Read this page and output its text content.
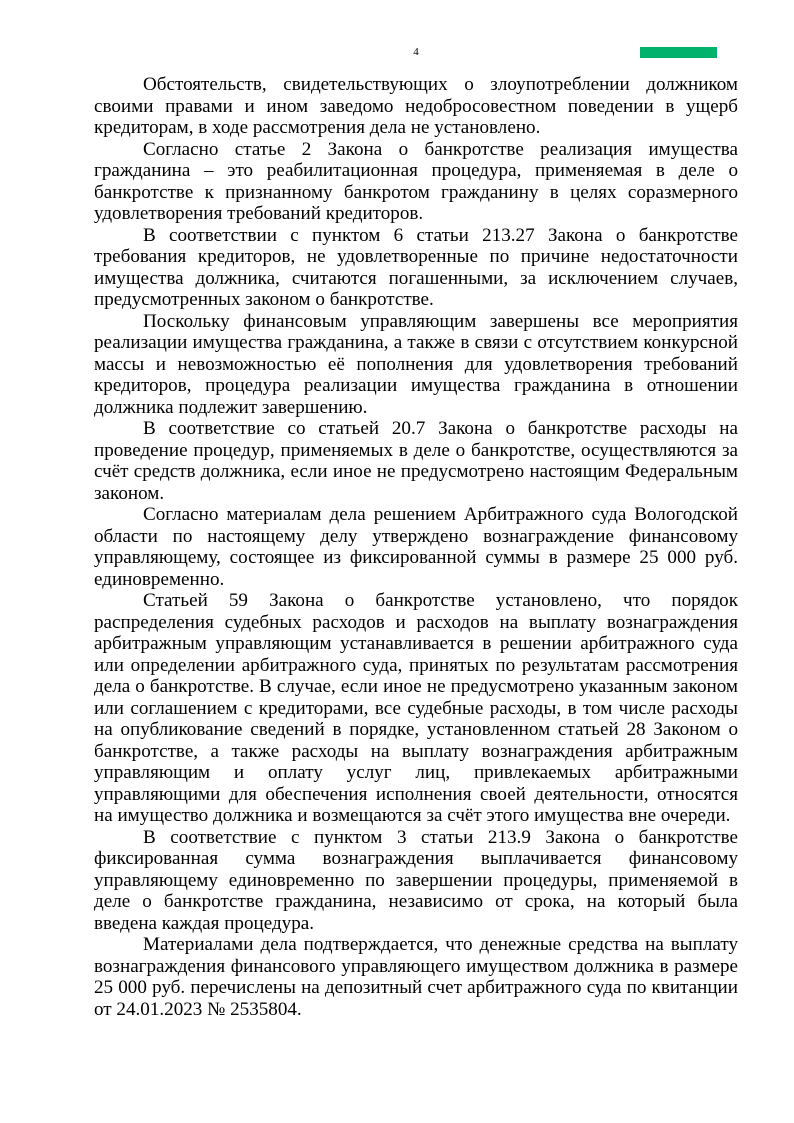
4

Обстоятельств, свидетельствующих о злоупотреблении должником своими правами и ином заведомо недобросовестном поведении в ущерб кредиторам, в ходе рассмотрения дела не установлено.

Согласно статье 2 Закона о банкротстве реализация имущества гражданина – это реабилитационная процедура, применяемая в деле о банкротстве к признанному банкротом гражданину в целях соразмерного удовлетворения требований кредиторов.

В соответствии с пунктом 6 статьи 213.27 Закона о банкротстве требования кредиторов, не удовлетворенные по причине недостаточности имущества должника, считаются погашенными, за исключением случаев, предусмотренных законом о банкротстве.

Поскольку финансовым управляющим завершены все мероприятия реализации имущества гражданина, а также в связи с отсутствием конкурсной массы и невозможностью её пополнения для удовлетворения требований кредиторов, процедура реализации имущества гражданина в отношении должника подлежит завершению.

В соответствие со статьей 20.7 Закона о банкротстве расходы на проведение процедур, применяемых в деле о банкротстве, осуществляются за счёт средств должника, если иное не предусмотрено настоящим Федеральным законом.

Согласно материалам дела решением Арбитражного суда Вологодской области по настоящему делу утверждено вознаграждение финансовому управляющему, состоящее из фиксированной суммы в размере 25 000 руб. единовременно.

Статьей 59 Закона о банкротстве установлено, что порядок распределения судебных расходов и расходов на выплату вознаграждения арбитражным управляющим устанавливается в решении арбитражного суда или определении арбитражного суда, принятых по результатам рассмотрения дела о банкротстве. В случае, если иное не предусмотрено указанным законом или соглашением с кредиторами, все судебные расходы, в том числе расходы на опубликование сведений в порядке, установленном статьей 28 Законом о банкротстве, а также расходы на выплату вознаграждения арбитражным управляющим и оплату услуг лиц, привлекаемых арбитражными управляющими для обеспечения исполнения своей деятельности, относятся на имущество должника и возмещаются за счёт этого имущества вне очереди.

В соответствие с пунктом 3 статьи 213.9 Закона о банкротстве фиксированная сумма вознаграждения выплачивается финансовому управляющему единовременно по завершении процедуры, применяемой в деле о банкротстве гражданина, независимо от срока, на который была введена каждая процедура.

Материалами дела подтверждается, что денежные средства на выплату вознаграждения финансового управляющего имуществом должника в размере 25 000 руб. перечислены на депозитный счет арбитражного суда по квитанции от 24.01.2023 № 2535804.
